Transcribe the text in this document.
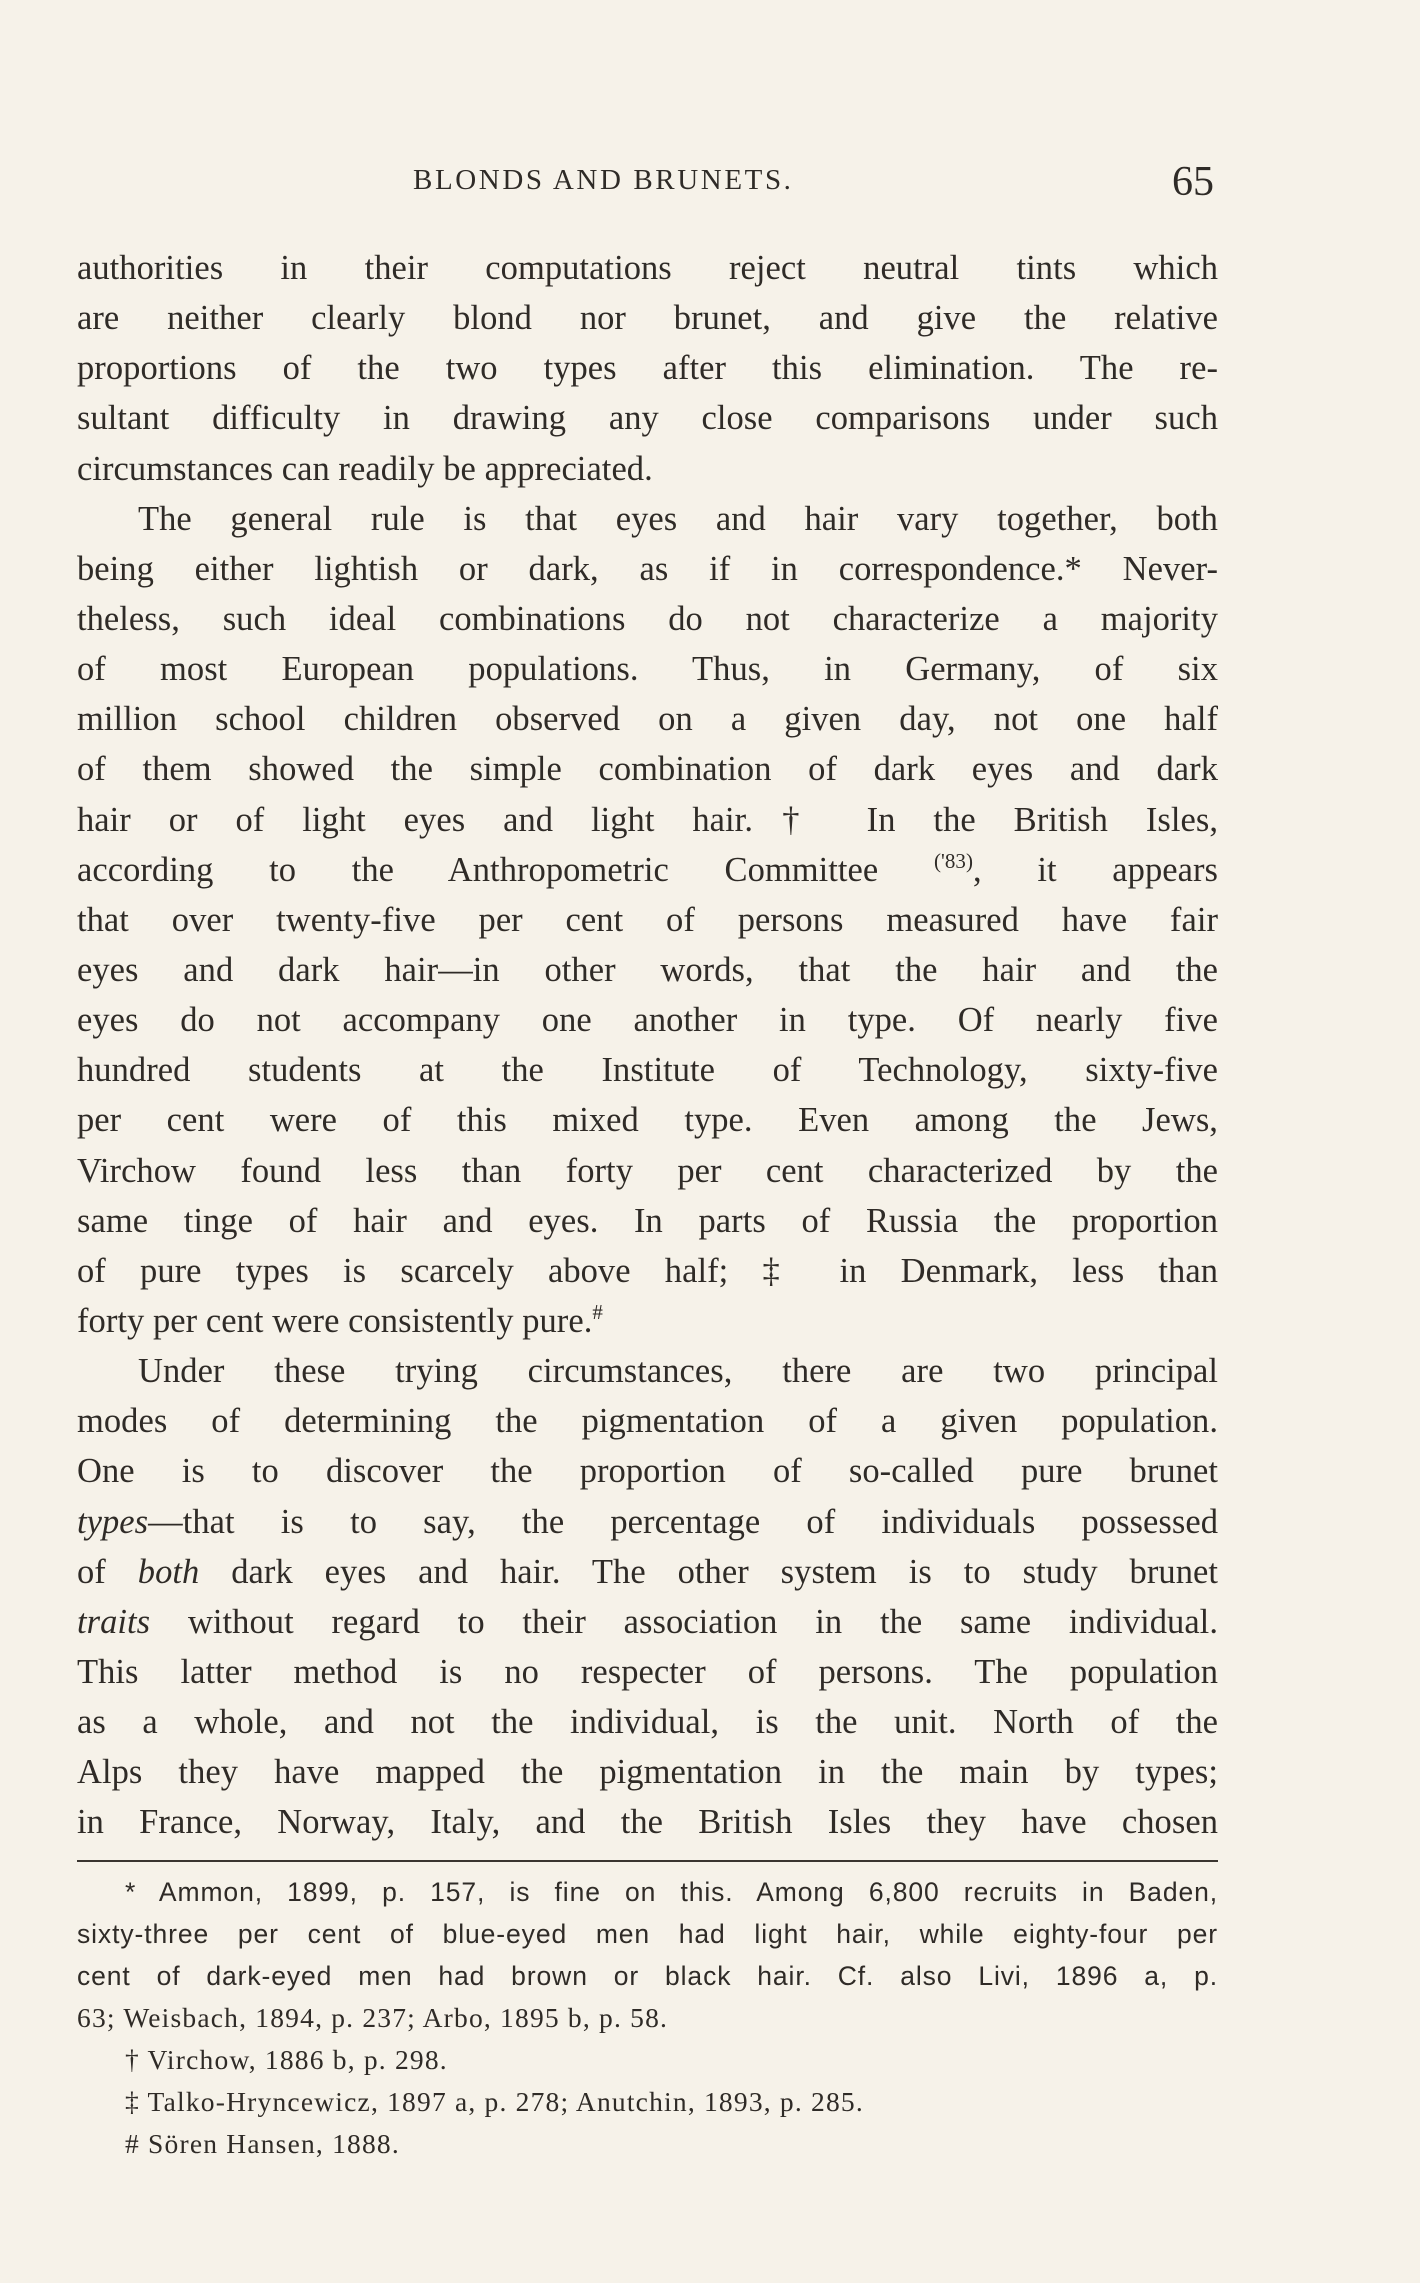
BLONDS AND BRUNETS.	65
authorities in their computations reject neutral tints which
are neither clearly blond nor brunet, and give the relative
proportions of the two types after this elimination. The re-
sultant difficulty in drawing any close comparisons under such
circumstances can readily be appreciated.
The general rule is that eyes and hair vary together, both
being either lightish or dark, as if in correspondence.* Never-
theless, such ideal combinations do not characterize a majority
of most European populations. Thus, in Germany, of six
million school children observed on a given day, not one half
of them showed the simple combination of dark eyes and dark
hair or of light eyes and light hair.† In the British Isles,
according to the Anthropometric Committee	$^{('83)}$, it appears
that over twenty-five per cent of persons measured have fair
eyes and dark hair—in other words, that the hair and the
eyes do not accompany one another in type. Of nearly five
hundred students at the Institute of Technology, sixty-five
per cent were of this mixed type. Even among the Jews,
Virchow found less than forty per cent characterized by the
same tinge of hair and eyes. In parts of Russia the proportion
of pure types is scarcely above half; ‡ in Denmark, less than
forty per cent were consistently pure.#
Under these trying circumstances, there are two principal
modes of determining the pigmentation of a given population.
One is to discover the proportion of so-called pure brunet
types—that is to say, the percentage of individuals possessed
of both dark eyes and hair. The other system is to study brunet
traits without regard to their association in the same individual.
This latter method is no respecter of persons. The population
as a whole, and not the individual, is the unit. North of the
Alps they have mapped the pigmentation in the main by types;
in France, Norway, Italy, and the British Isles they have chosen
* Ammon, 1899, p. 157, is fine on this. Among 6,800 recruits in Baden,
sixty-three per cent of blue-eyed men had light hair, while eighty-four per
cent of dark-eyed men had brown or black hair. Cf. also Livi, 1896 a, p.
63; Weisbach, 1894, p. 237; Arbo, 1895 b, p. 58.
† Virchow, 1886 b, p. 298.
‡ Talko-Hryncewicz, 1897 a, p. 278; Anutchin, 1893, p. 285.
# Sören Hansen, 1888.
